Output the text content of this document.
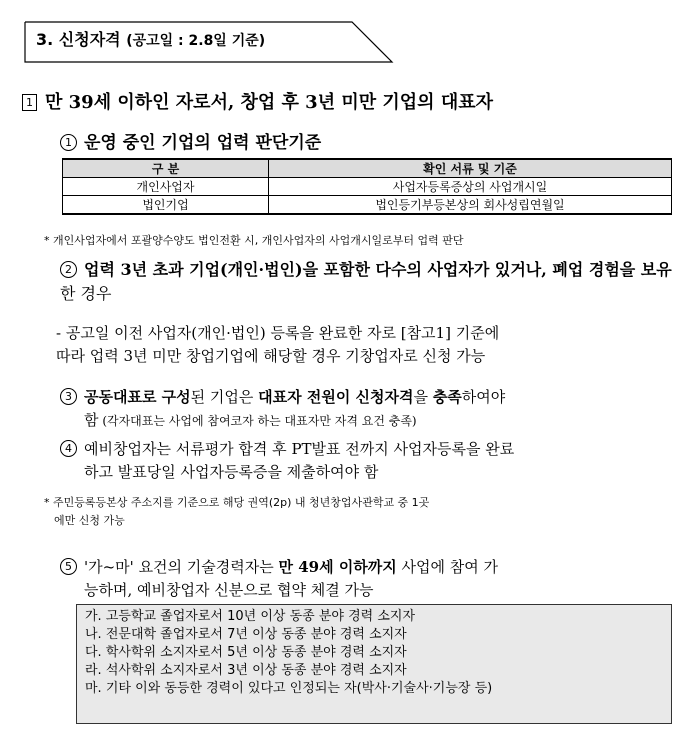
3. 신청자격 (공고일 : 2.8일 기준)
1 만 39세 이하인 자로서, 창업 후 3년 미만 기업의 대표자
1 운영 중인 기업의 업력 판단기준
구 분	확인 서류 및 기준
개인사업자	사업자등록증상의 사업개시일
법인기업	법인등기부등본상의 회사성립연월일
* 개인사업자에서 포괄양수양도 법인전환 시, 개인사업자의 사업개시일로부터 업력 판단
2 업력 3년 초과 기업(개인·법인)을 포함한 다수의 사업자가 있거나, 폐업 경험을 보유한 경우
- 공고일 이전 사업자(개인·법인) 등록을 완료한 자로 [참고1] 기준에
따라 업력 3년 미만 창업기업에 해당할 경우 기창업자로 신청 가능
3 공동대표로 구성된 기업은 대표자 전원이 신청자격을 충족하여야
함 (각자대표는 사업에 참여코자 하는 대표자만 자격 요건 충족)
4 예비창업자는 서류평가 합격 후 PT발표 전까지 사업자등록을 완료
하고 발표당일 사업자등록증을 제출하여야 함
* 주민등록등본상 주소지를 기준으로 해당 권역(2p) 내 청년창업사관학교 중 1곳
에만 신청 가능
5 '가~마' 요건의 기술경력자는 만 49세 이하까지 사업에 참여 가
능하며, 예비창업자 신분으로 협약 체결 가능
가. 고등학교 졸업자로서 10년 이상 동종 분야 경력 소지자
나. 전문대학 졸업자로서 7년 이상 동종 분야 경력 소지자
다. 학사학위 소지자로서 5년 이상 동종 분야 경력 소지자
라. 석사학위 소지자로서 3년 이상 동종 분야 경력 소지자
마. 기타 이와 동등한 경력이 있다고 인정되는 자(박사·기술사·기능장 등)
